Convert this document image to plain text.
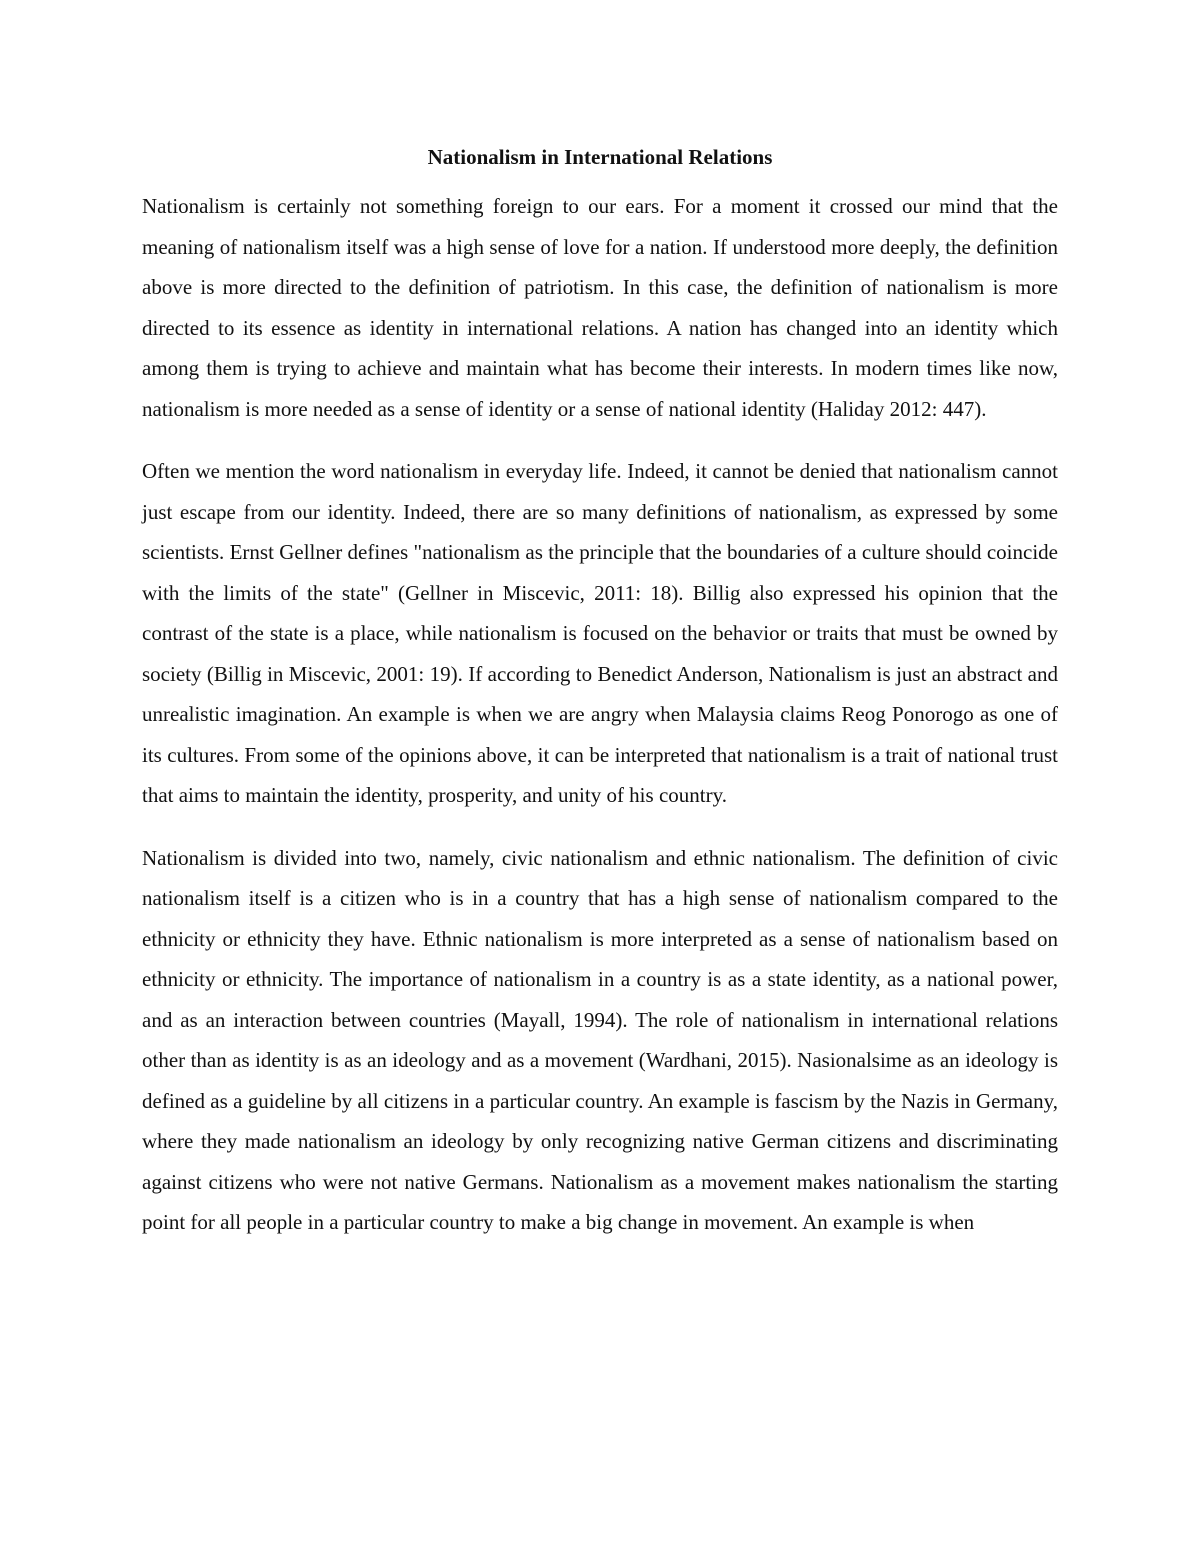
Nationalism in International Relations

Nationalism is certainly not something foreign to our ears. For a moment it crossed our mind that the meaning of nationalism itself was a high sense of love for a nation. If understood more deeply, the definition above is more directed to the definition of patriotism. In this case, the definition of nationalism is more directed to its essence as identity in international relations. A nation has changed into an identity which among them is trying to achieve and maintain what has become their interests. In modern times like now, nationalism is more needed as a sense of identity or a sense of national identity (Haliday 2012: 447).

Often we mention the word nationalism in everyday life. Indeed, it cannot be denied that nationalism cannot just escape from our identity. Indeed, there are so many definitions of nationalism, as expressed by some scientists. Ernst Gellner defines "nationalism as the principle that the boundaries of a culture should coincide with the limits of the state" (Gellner in Miscevic, 2011: 18). Billig also expressed his opinion that the contrast of the state is a place, while nationalism is focused on the behavior or traits that must be owned by society (Billig in Miscevic, 2001: 19). If according to Benedict Anderson, Nationalism is just an abstract and unrealistic imagination. An example is when we are angry when Malaysia claims Reog Ponorogo as one of its cultures. From some of the opinions above, it can be interpreted that nationalism is a trait of national trust that aims to maintain the identity, prosperity, and unity of his country.

Nationalism is divided into two, namely, civic nationalism and ethnic nationalism. The definition of civic nationalism itself is a citizen who is in a country that has a high sense of nationalism compared to the ethnicity or ethnicity they have. Ethnic nationalism is more interpreted as a sense of nationalism based on ethnicity or ethnicity. The importance of nationalism in a country is as a state identity, as a national power, and as an interaction between countries (Mayall, 1994). The role of nationalism in international relations other than as identity is as an ideology and as a movement (Wardhani, 2015). Nasionalsime as an ideology is defined as a guideline by all citizens in a particular country. An example is fascism by the Nazis in Germany, where they made nationalism an ideology by only recognizing native German citizens and discriminating against citizens who were not native Germans. Nationalism as a movement makes nationalism the starting point for all people in a particular country to make a big change in movement. An example is when
